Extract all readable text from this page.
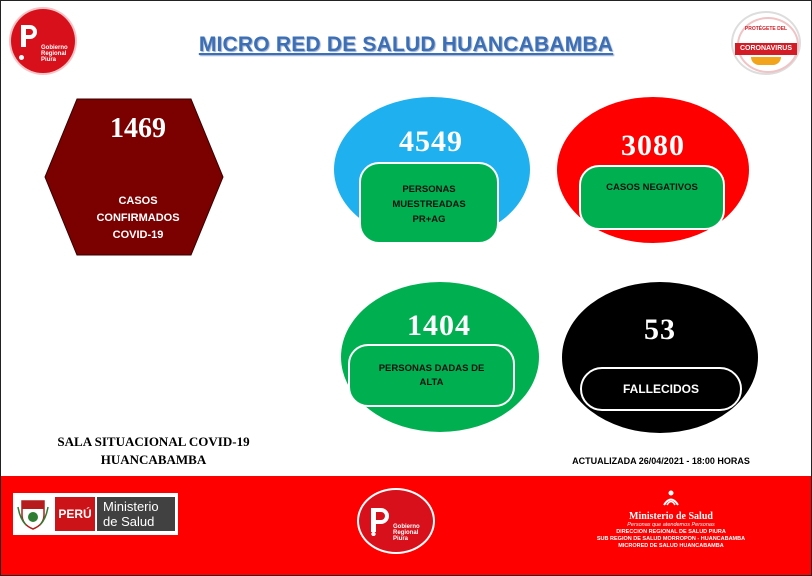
Gobierno
Regional
Piura
MICRO RED DE SALUD HUANCABAMBA
PROTÉGETE DEL
CORONAVIRUS
1469
CASOS
CONFIRMADOS
COVID-19
4549
PERSONAS
MUESTREADAS
PR+AG
3080
CASOS NEGATIVOS
1404
PERSONAS DADAS DE
ALTA
53
FALLECIDOS
SALA SITUACIONAL COVID-19
HUANCABAMBA	ACTUALIZADA 26/04/2021 - 18:00 HORAS
PERÚ Ministerio
de Salud	Gobierno
Regional
Piura
Ministerio de Salud
Personas que atendemos Personas
DIRECCION REGIONAL DE SALUD PIURA
SUB REGION DE SALUD MORROPON - HUANCABAMBA
MICRORED DE SALUD HUANCABAMBA
